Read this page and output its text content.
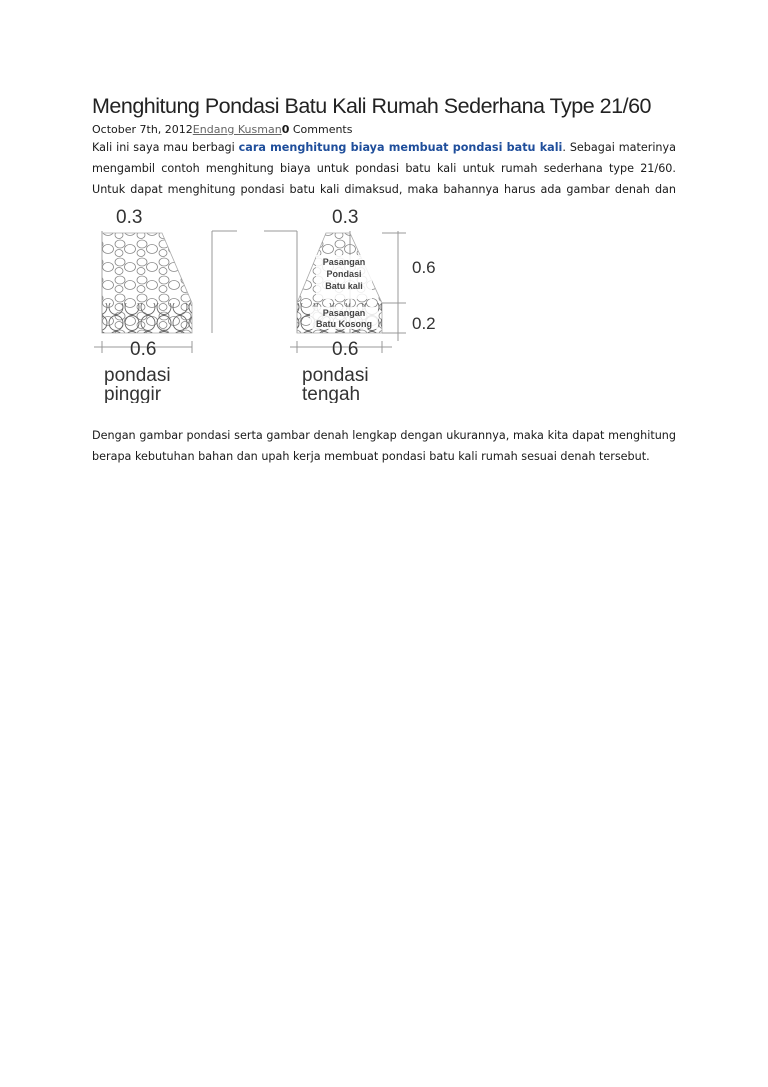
Menghitung Pondasi Batu Kali Rumah Sederhana Type 21/60
October 7th, 2012Endang Kusman0 Comments

Kali ini saya mau berbagi cara menghitung biaya membuat pondasi batu kali. Sebagai materinya mengambil contoh menghitung biaya untuk pondasi batu kali untuk rumah sederhana type 21/60. Untuk dapat menghitung pondasi batu kali dimaksud, maka bahannya harus ada gambar denah dan

0.3
0.6
pondasi
pinggir
0.3
Pasangan
Pondasi
Batu kali
Pasangan
Batu Kosong
0.6
0.2
0.6
pondasi
tengah

Dengan gambar pondasi serta gambar denah lengkap dengan ukurannya, maka kita dapat menghitung berapa kebutuhan bahan dan upah kerja membuat pondasi batu kali rumah sesuai denah tersebut.
